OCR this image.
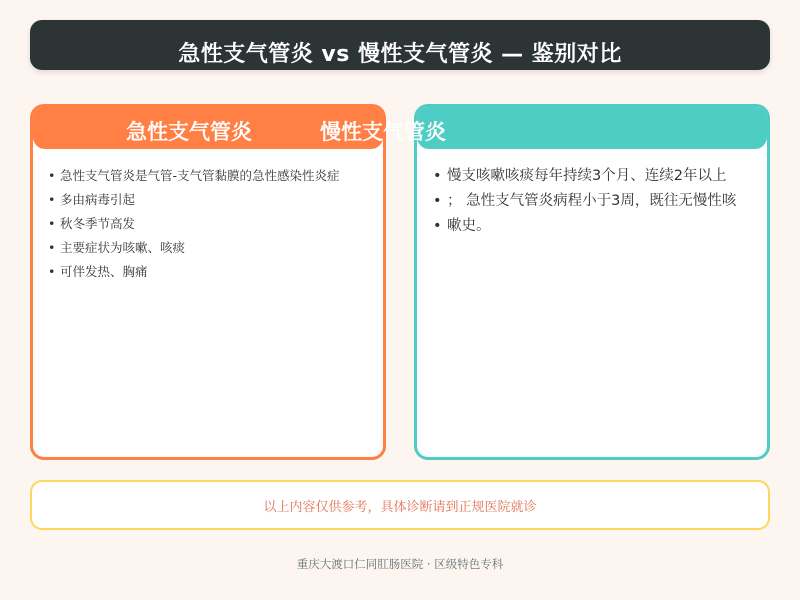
急性支气管炎 vs 慢性支气管炎 — 鉴别对比
急性支气管炎	慢性支气管炎
• 急性支气管炎是气管-支气管黏膜的急性感染性炎症
• 多由病毒引起
• 秋冬季节高发
• 主要症状为咳嗽、咳痰
• 可伴发热、胸痛
• 慢支咳嗽咳痰每年持续3个月、连续2年以上
• ； 急性支气管炎病程小于3周，既往无慢性咳
• 嗽史。
以上内容仅供参考，具体诊断请到正规医院就诊
重庆大渡口仁同肛肠医院 · 区级特色专科
